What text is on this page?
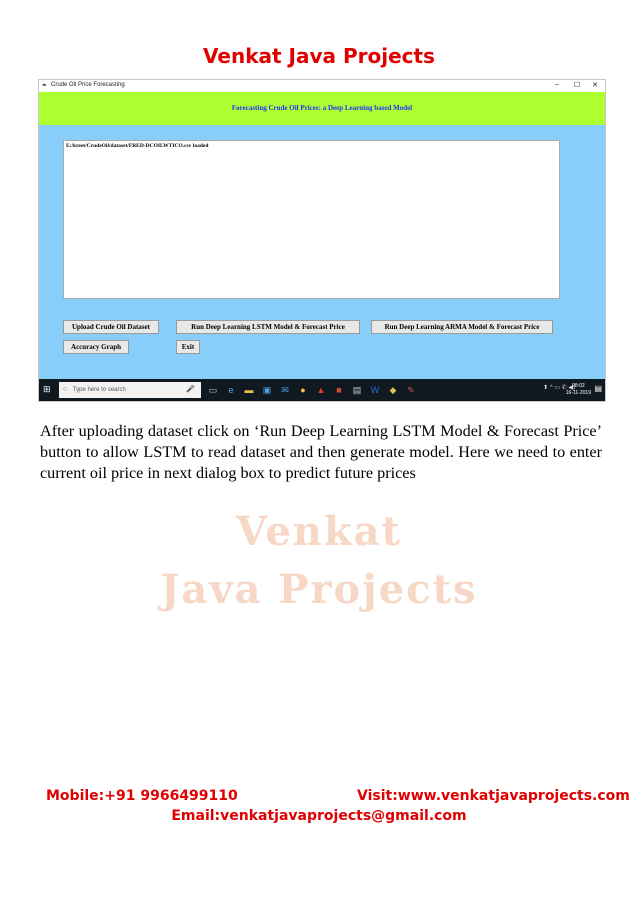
Venkat Java Projects
✒ Crude Oil Price Forecasting	–	☐	✕
Forecasting Crude Oil Prices: a Deep Learning based Model
E:/kreet/CrudeOil/dataset/FRED-DCOILWTICO.csv loaded
Upload Crude Oil Dataset	Run Deep Learning LSTM Model & Forecast Price	Run Deep Learning ARMA Model & Forecast Price
Accuracy Graph	Exit
⊞	○ Type here to search	🎤 ▭	e	▬ ▣ ✉	●	▲	■	▤ W ◆ ✎	⬆ ^ ▭ ✆ ◀)
08:02
16-11-2019 ▤
After uploading dataset click on ‘Run Deep Learning LSTM Model & Forecast Price’ button to allow LSTM to read dataset and then generate model. Here we need to enter current oil price in next dialog box to predict future prices
Venkat
Java Projects
Mobile:+91 9966499110	Visit:www.venkatjavaprojects.com
Email:venkatjavaprojects@gmail.com
